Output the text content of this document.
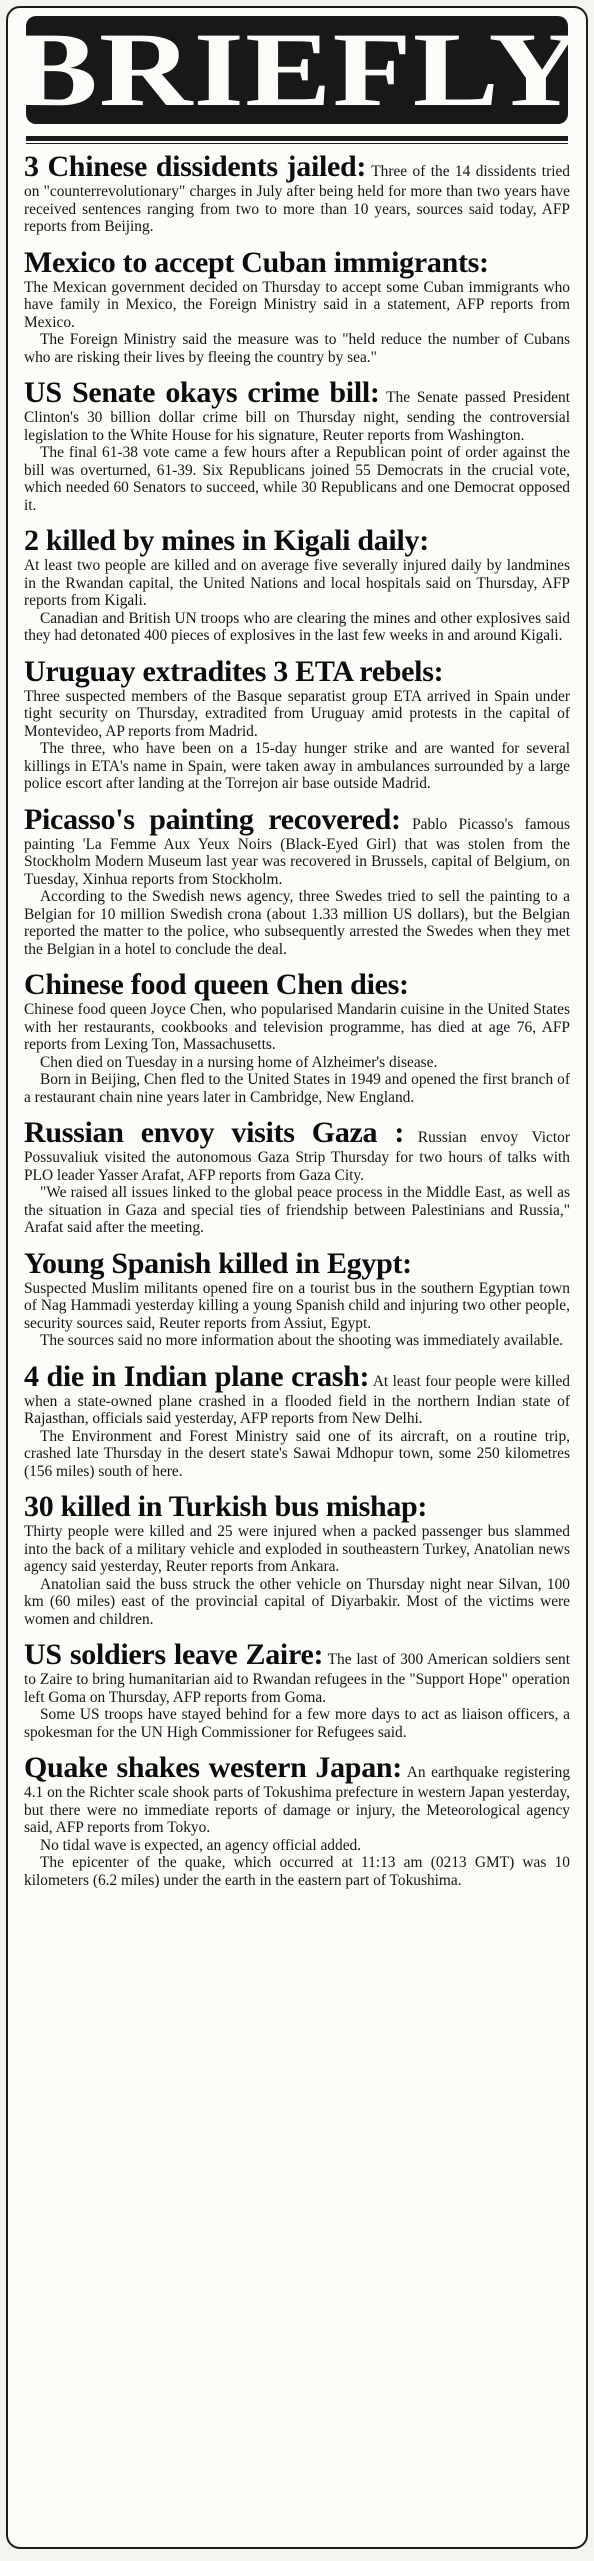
BRIEFLY

3 Chinese dissidents jailed: Three of the 14 dissidents tried on "counterrevolutionary" charges in July after being held for more than two years have received sentences ranging from two to more than 10 years, sources said today, AFP reports from Beijing.

Mexico to accept Cuban immigrants:

The Mexican government decided on Thursday to accept some Cuban immigrants who have family in Mexico, the Foreign Ministry said in a statement, AFP reports from Mexico.

The Foreign Ministry said the measure was to "held reduce the number of Cubans who are risking their lives by fleeing the country by sea."

US Senate okays crime bill: The Senate passed President Clinton's 30 billion dollar crime bill on Thursday night, sending the controversial legislation to the White House for his signature, Reuter reports from Washington.

The final 61-38 vote came a few hours after a Republican point of order against the bill was overturned, 61-39. Six Republicans joined 55 Democrats in the crucial vote, which needed 60 Senators to succeed, while 30 Republicans and one Democrat opposed it.

2 killed by mines in Kigali daily:

At least two people are killed and on average five severally injured daily by landmines in the Rwandan capital, the United Nations and local hospitals said on Thursday, AFP reports from Kigali.

Canadian and British UN troops who are clearing the mines and other explosives said they had detonated 400 pieces of explosives in the last few weeks in and around Kigali.

Uruguay extradites 3 ETA rebels:

Three suspected members of the Basque separatist group ETA arrived in Spain under tight security on Thursday, extradited from Uruguay amid protests in the capital of Montevideo, AP reports from Madrid.

The three, who have been on a 15-day hunger strike and are wanted for several killings in ETA's name in Spain, were taken away in ambulances surrounded by a large police escort after landing at the Torrejon air base outside Madrid.

Picasso's painting recovered: Pablo Picasso's famous painting 'La Femme Aux Yeux Noirs (Black-Eyed Girl) that was stolen from the Stockholm Modern Museum last year was recovered in Brussels, capital of Belgium, on Tuesday, Xinhua reports from Stockholm.

According to the Swedish news agency, three Swedes tried to sell the painting to a Belgian for 10 million Swedish crona (about 1.33 million US dollars), but the Belgian reported the matter to the police, who subsequently arrested the Swedes when they met the Belgian in a hotel to conclude the deal.

Chinese food queen Chen dies:

Chinese food queen Joyce Chen, who popularised Mandarin cuisine in the United States with her restaurants, cookbooks and television programme, has died at age 76, AFP reports from Lexing Ton, Massachusetts.

Chen died on Tuesday in a nursing home of Alzheimer's disease.

Born in Beijing, Chen fled to the United States in 1949 and opened the first branch of a restaurant chain nine years later in Cambridge, New England.

Russian envoy visits Gaza : Russian envoy Victor Possuvaliuk visited the autonomous Gaza Strip Thursday for two hours of talks with PLO leader Yasser Arafat, AFP reports from Gaza City.

"We raised all issues linked to the global peace process in the Middle East, as well as the situation in Gaza and special ties of friendship between Palestinians and Russia," Arafat said after the meeting.

Young Spanish killed in Egypt:

Suspected Muslim militants opened fire on a tourist bus in the southern Egyptian town of Nag Hammadi yesterday killing a young Spanish child and injuring two other people, security sources said, Reuter reports from Assiut, Egypt.

The sources said no more information about the shooting was immediately available.

4 die in Indian plane crash: At least four people were killed when a state-owned plane crashed in a flooded field in the northern Indian state of Rajasthan, officials said yesterday, AFP reports from New Delhi.

The Environment and Forest Ministry said one of its aircraft, on a routine trip, crashed late Thursday in the desert state's Sawai Mdhopur town, some 250 kilometres (156 miles) south of here.

30 killed in Turkish bus mishap:

Thirty people were killed and 25 were injured when a packed passenger bus slammed into the back of a military vehicle and exploded in southeastern Turkey, Anatolian news agency said yesterday, Reuter reports from Ankara.

Anatolian said the buss struck the other vehicle on Thursday night near Silvan, 100 km (60 miles) east of the provincial capital of Diyarbakir. Most of the victims were women and children.

US soldiers leave Zaire: The last of 300 American soldiers sent to Zaire to bring humanitarian aid to Rwandan refugees in the "Support Hope" operation left Goma on Thursday, AFP reports from Goma.

Some US troops have stayed behind for a few more days to act as liaison officers, a spokesman for the UN High Commissioner for Refugees said.

Quake shakes western Japan: An earthquake registering 4.1 on the Richter scale shook parts of Tokushima prefecture in western Japan yesterday, but there were no immediate reports of damage or injury, the Meteorological agency said, AFP reports from Tokyo.

No tidal wave is expected, an agency official added.

The epicenter of the quake, which occurred at 11:13 am (0213 GMT) was 10 kilometers (6.2 miles) under the earth in the eastern part of Tokushima.
